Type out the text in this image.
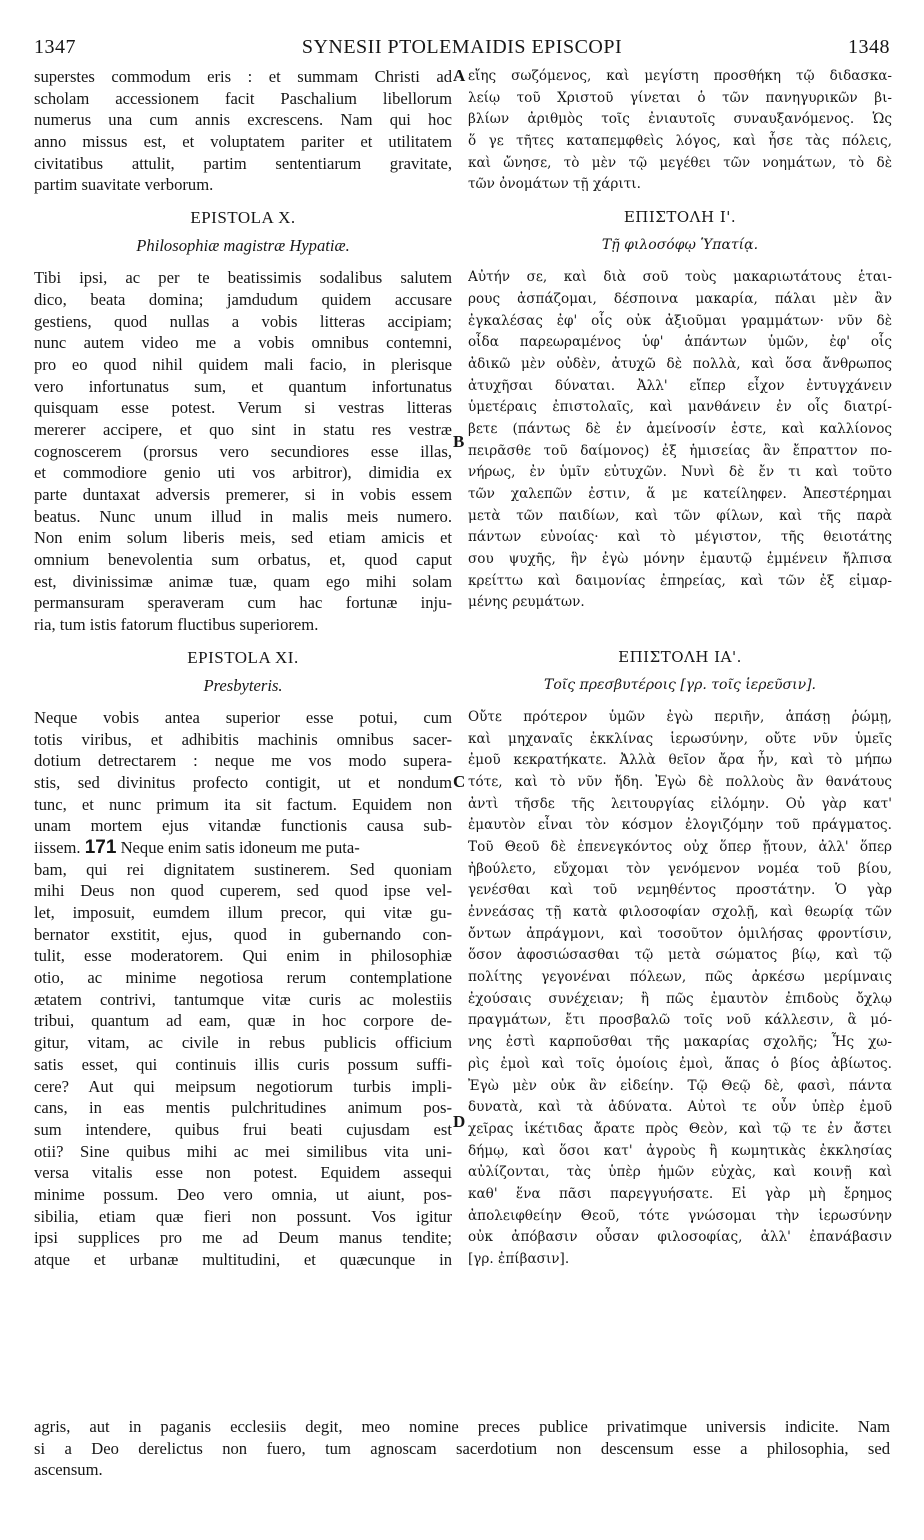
1347	SYNESII PTOLEMAIDIS EPISCOPI	1348
A
B
C
D
superstes commodum eris : et summam Christi ad
scholam accessionem facit Paschalium libellorum
numerus una cum annis excrescens. Nam qui hoc
anno missus est, et voluptatem pariter et utilitatem
civitatibus attulit, partim sententiarum gravitate,
partim suavitate verborum.
EPISTOLA X.
Philosophiæ magistræ Hypatiæ.
Tibi ipsi, ac per te beatissimis sodalibus salutem
dico, beata domina; jamdudum quidem accusare
gestiens, quod nullas a vobis litteras accipiam;
nunc autem video me a vobis omnibus contemni,
pro eo quod nihil quidem mali facio, in plerisque
vero infortunatus sum, et quantum infortunatus
quisquam esse potest. Verum si vestras litteras
mererer accipere, et quo sint in statu res vestræ
cognoscerem (prorsus vero secundiores esse illas,
et commodiore genio uti vos arbitror), dimidia ex
parte duntaxat adversis premerer, si in vobis essem
beatus. Nunc unum illud in malis meis numero.
Non enim solum liberis meis, sed etiam amicis et
omnium benevolentia sum orbatus, et, quod caput
est, divinissimæ animæ tuæ, quam ego mihi solam
permansuram speraveram cum hac fortunæ inju-
ria, tum istis fatorum fluctibus superiorem.
EPISTOLA XI.
Presbyteris.
Neque vobis antea superior esse potui, cum
totis viribus, et adhibitis machinis omnibus sacer-
dotium detrectarem : neque me vos modo supera-
stis, sed divinitus profecto contigit, ut et nondum
tunc, et nunc primum ita sit factum. Equidem non
unam mortem ejus vitandæ functionis causa sub-
iissem. 171 Neque enim satis idoneum me puta-
bam, qui rei dignitatem sustinerem. Sed quoniam
mihi Deus non quod cuperem, sed quod ipse vel-
let, imposuit, eumdem illum precor, qui vitæ gu-
bernator exstitit, ejus, quod in gubernando con-
tulit, esse moderatorem. Qui enim in philosophiæ
otio, ac minime negotiosa rerum contemplatione
ætatem contrivi, tantumque vitæ curis ac molestiis
tribui, quantum ad eam, quæ in hoc corpore de-
gitur, vitam, ac civile in rebus publicis officium
satis esset, qui continuis illis curis possum suffi-
cere? Aut qui meipsum negotiorum turbis impli-
cans, in eas mentis pulchritudines animum pos-
sum intendere, quibus frui beati cujusdam est
otii? Sine quibus mihi ac mei similibus vita uni-
versa vitalis esse non potest. Equidem assequi
minime possum. Deo vero omnia, ut aiunt, pos-
sibilia, etiam quæ fieri non possunt. Vos igitur
ipsi supplices pro me ad Deum manus tendite;
atque et urbanæ multitudini, et quæcunque in
εἴης σωζόμενος, καὶ μεγίστη προσθήκη τῷ διδασκα-
λείῳ τοῦ Χριστοῦ γίνεται ὁ τῶν πανηγυρικῶν βι-
βλίων ἀριθμὸς τοῖς ἐνιαυτοῖς συναυξανόμενος. Ὡς
ὅ γε τῆτες καταπεμφθεὶς λόγος, καὶ ἧσε τὰς πόλεις,
καὶ ὤνησε, τὸ μὲν τῷ μεγέθει τῶν νοημάτων, τὸ δὲ
τῶν ὀνομάτων τῇ χάριτι.
ΕΠΙΣΤΟΛΗ Ι'.
Τῇ φιλοσόφῳ Ὑπατίᾳ.
Αὐτήν σε, καὶ διὰ σοῦ τοὺς μακαριωτάτους ἑται-
ρους ἀσπάζομαι, δέσποινα μακαρία, πάλαι μὲν ἂν
ἐγκαλέσας ἐφ' οἷς οὐκ ἀξιοῦμαι γραμμάτων· νῦν δὲ
οἶδα παρεωραμένος ὑφ' ἁπάντων ὑμῶν, ἐφ' οἷς
ἀδικῶ μὲν οὐδὲν, ἀτυχῶ δὲ πολλὰ, καὶ ὅσα ἄνθρωπος
ἀτυχῆσαι δύναται. Ἀλλ' εἴπερ εἶχον ἐντυγχάνειν
ὑμετέραις ἐπιστολαῖς, καὶ μανθάνειν ἐν οἷς διατρί-
βετε (πάντως δὲ ἐν ἀμείνοσίν ἐστε, καὶ καλλίονος
πειρᾶσθε τοῦ δαίμονος) ἐξ ἡμισείας ἂν ἔπραττον πο-
νήρως, ἐν ὑμῖν εὐτυχῶν. Νυνὶ δὲ ἔν τι καὶ τοῦτο
τῶν χαλεπῶν ἐστιν, ἅ με κατείληφεν. Ἀπεστέρημαι
μετὰ τῶν παιδίων, καὶ τῶν φίλων, καὶ τῆς παρὰ
πάντων εὐνοίας· καὶ τὸ μέγιστον, τῆς θειοτάτης
σου ψυχῆς, ἣν ἐγὼ μόνην ἐμαυτῷ ἐμμένειν ἤλπισα
κρείττω καὶ δαιμονίας ἐπηρείας, καὶ τῶν ἐξ εἱμαρ-
μένης ρευμάτων.
ΕΠΙΣΤΟΛΗ ΙΑ'.
Τοῖς πρεσβυτέροις [γρ. τοῖς ἱερεῦσιν].
Οὔτε πρότερον ὑμῶν ἐγὼ περιῆν, ἁπάσῃ ῥώμῃ,
καὶ μηχαναῖς ἐκκλίνας ἱερωσύνην, οὔτε νῦν ὑμεῖς
ἐμοῦ κεκρατήκατε. Ἀλλὰ θεῖον ἄρα ἦν, καὶ τὸ μήπω
τότε, καὶ τὸ νῦν ἤδη. Ἐγὼ δὲ πολλοὺς ἂν θανάτους
ἀντὶ τῆσδε τῆς λειτουργίας εἰλόμην. Οὐ γὰρ κατ'
ἐμαυτὸν εἶναι τὸν κόσμον ἐλογιζόμην τοῦ πράγματος.
Τοῦ Θεοῦ δὲ ἐπενεγκόντος οὐχ ὅπερ ᾔτουν, ἀλλ' ὅπερ
ἠβούλετο, εὔχομαι τὸν γενόμενον νομέα τοῦ βίου,
γενέσθαι καὶ τοῦ νεμηθέντος προστάτην. Ὁ γὰρ
ἐννεάσας τῇ κατὰ φιλοσοφίαν σχολῇ, καὶ θεωρίᾳ τῶν
ὄντων ἀπράγμονι, καὶ τοσοῦτον ὁμιλήσας φροντίσιν,
ὅσον ἀφοσιώσασθαι τῷ μετὰ σώματος βίῳ, καὶ τῷ
πολίτης γεγονέναι πόλεων, πῶς ἀρκέσω μερίμναις
ἐχούσαις συνέχειαν; ἢ πῶς ἐμαυτὸν ἐπιδοὺς ὄχλῳ
πραγμάτων, ἔτι προσβαλῶ τοῖς νοῦ κάλλεσιν, ἃ μό-
νης ἐστὶ καρποῦσθαι τῆς μακαρίας σχολῆς; Ἧς χω-
ρὶς ἐμοὶ καὶ τοῖς ὁμοίοις ἐμοὶ, ἅπας ὁ βίος ἀβίωτος.
Ἐγὼ μὲν οὐκ ἂν εἰδείην. Τῷ Θεῷ δὲ, φασὶ, πάντα
δυνατὰ, καὶ τὰ ἀδύνατα. Αὐτοὶ τε οὖν ὑπὲρ ἐμοῦ
χεῖρας ἱκέτιδας ἄρατε πρὸς Θεὸν, καὶ τῷ τε ἐν ἄστει
δήμῳ, καὶ ὅσοι κατ' ἀγροὺς ἢ κωμητικὰς ἐκκλησίας
αὐλίζονται, τὰς ὑπὲρ ἡμῶν εὐχὰς, καὶ κοινῇ καὶ
καθ' ἕνα πᾶσι παρεγγυήσατε. Εἰ γὰρ μὴ ἔρημος
ἀπολειφθείην Θεοῦ, τότε γνώσομαι τὴν ἱερωσύνην
οὐκ ἀπόβασιν οὖσαν φιλοσοφίας, ἀλλ' ἐπανάβασιν
[γρ. ἐπίβασιν].
agris, aut in paganis ecclesiis degit, meo nomine preces publice privatimque universis indicite. Nam
si a Deo derelictus non fuero, tum agnoscam sacerdotium non descensum esse a philosophia, sed
ascensum.
